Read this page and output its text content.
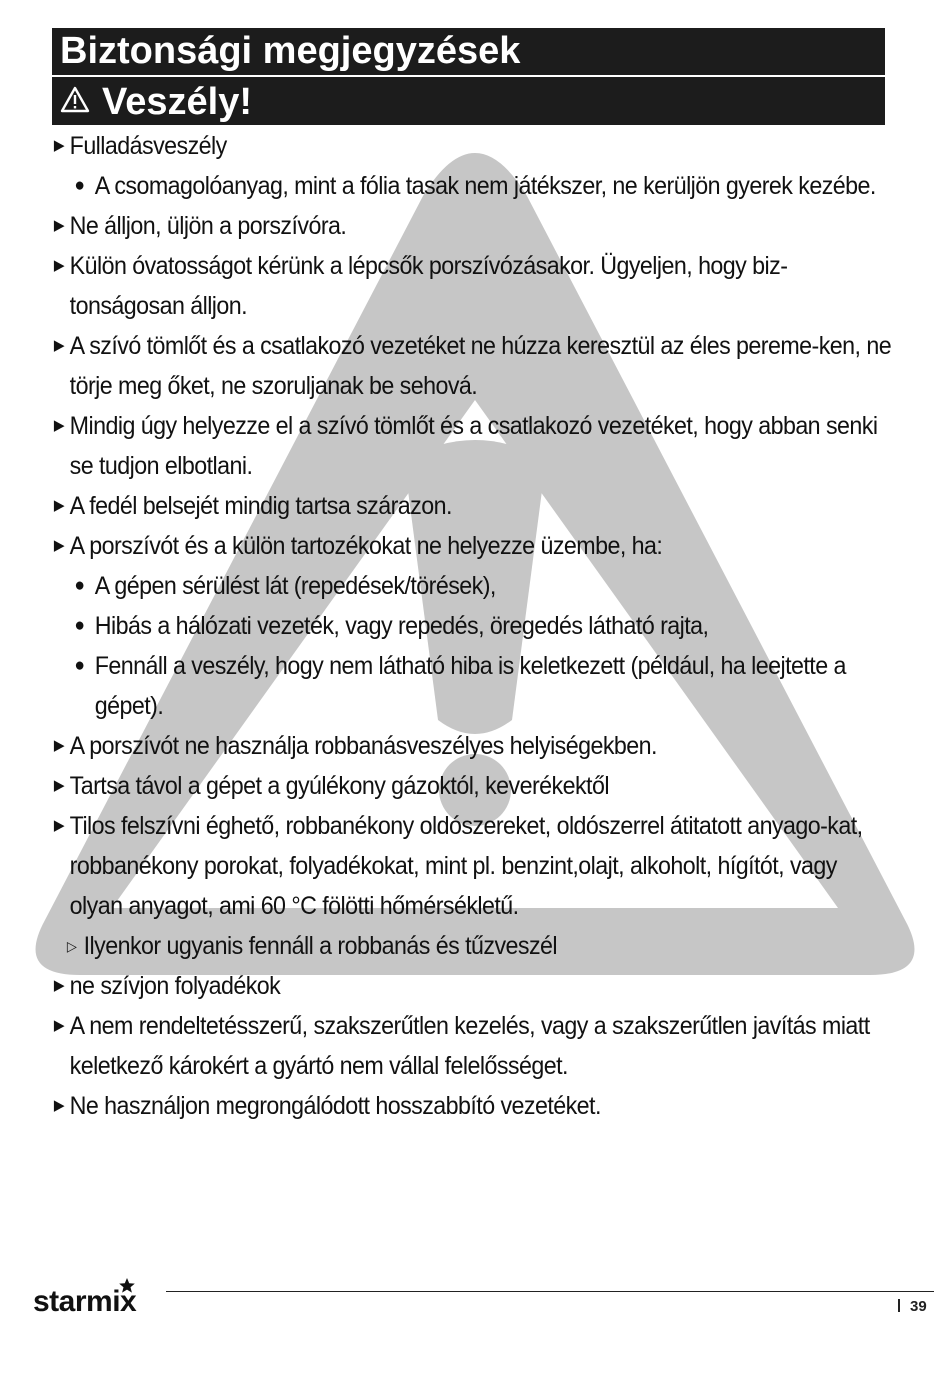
Biztonsági megjegyzések
Veszély!
▶
Fulladásveszély
●
A csomagolóanyag, mint a fólia tasak nem játékszer, ne kerüljön gyerek kezébe.
▶
Ne álljon, üljön a porszívóra.
▶
Külön óvatosságot kérünk a lépcsők porszívózásakor. Ügyeljen, hogy biz-tonságosan álljon.
▶
A szívó tömlőt és a csatlakozó vezetéket ne húzza keresztül az éles pereme-ken, ne törje meg őket, ne szoruljanak be sehová.
▶
Mindig úgy helyezze el a szívó tömlőt és a csatlakozó vezetéket, hogy abban senki se tudjon elbotlani.
▶
A fedél belsejét mindig tartsa szárazon.
▶
A porszívót és a külön tartozékokat ne helyezze üzembe, ha:
●
A gépen sérülést lát (repedések/törések),
●
Hibás a hálózati vezeték, vagy repedés, öregedés látható rajta,
●
Fennáll a veszély, hogy nem látható hiba is keletkezett (például, ha leejtette a gépet).
▶
A porszívót ne használja robbanásveszélyes helyiségekben.
▶
Tartsa távol a gépet a gyúlékony gázoktól, keverékektől
▶
Tilos felszívni éghető, robbanékony oldószereket, oldószerrel átitatott anyago-kat, robbanékony porokat, folyadékokat, mint pl. benzint,olajt, alkoholt, hígítót, vagy olyan anyagot, ami 60 °C fölötti hőmérsékletű.
▷
Ilyenkor ugyanis fennáll a robbanás és tűzveszél
▶
ne szívjon folyadékok
▶
A nem rendeltetésszerű, szakszerűtlen kezelés, vagy a szakszerűtlen javítás miatt keletkező károkért a gyártó nem vállal felelősséget.
▶
Ne használjon megrongálódott hosszabbító vezetéket.
starmix	39
